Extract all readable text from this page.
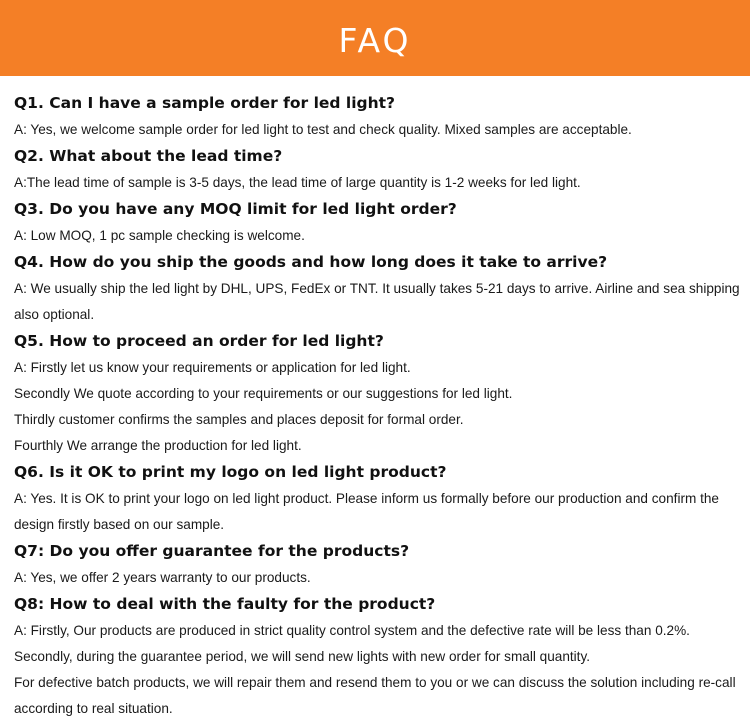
FAQ

Q1. Can I have a sample order for led light?

A: Yes, we welcome sample order for led light to test and check quality. Mixed samples are acceptable.

Q2. What about the lead time?

A:The lead time of sample is 3-5 days, the lead time of large quantity is 1-2 weeks for led light.

Q3. Do you have any MOQ limit for led light order?

A: Low MOQ, 1 pc sample checking is welcome.

Q4. How do you ship the goods and how long does it take to arrive?

A: We usually ship the led light by DHL, UPS, FedEx or TNT. It usually takes 5-21 days to arrive. Airline and sea shipping also optional.

Q5. How to proceed an order for led light?

A: Firstly let us know your requirements or application for led light.

Secondly We quote according to your requirements or our suggestions for led light.

Thirdly customer confirms the samples and places deposit for formal order.

Fourthly We arrange the production for led light.

Q6. Is it OK to print my logo on led light product?

A: Yes. It is OK to print your logo on led light product. Please inform us formally before our production and confirm the design firstly based on our sample.

Q7: Do you offer guarantee for the products?

A: Yes, we offer 2 years warranty to our products.

Q8: How to deal with the faulty for the product?

A: Firstly, Our products are produced in strict quality control system and the defective rate will be less than 0.2%.

Secondly, during the guarantee period, we will send new lights with new order for small quantity.

For defective batch products, we will repair them and resend them to you or we can discuss the solution including re-call according to real situation.
